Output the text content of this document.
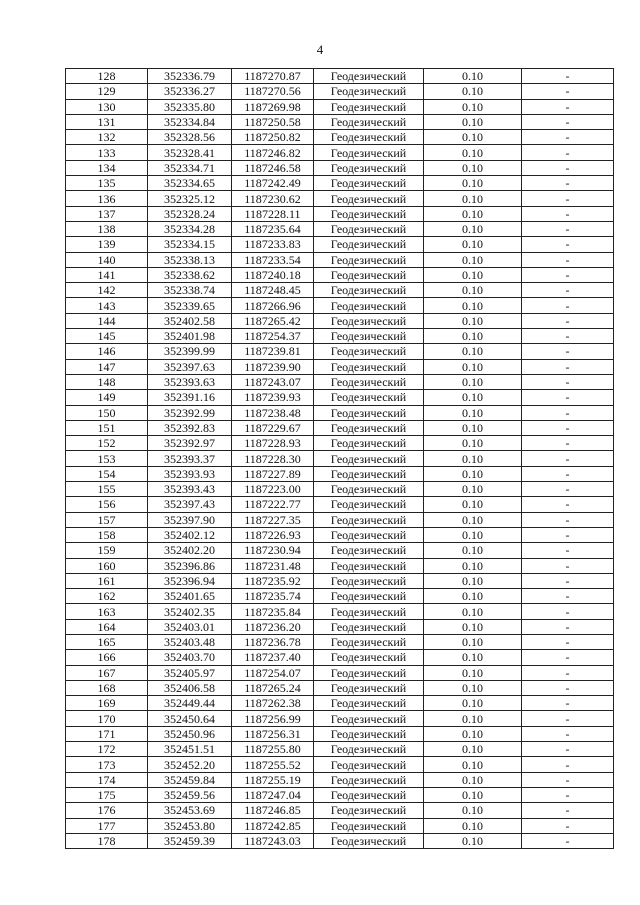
4
128	352336.79	1187270.87	Геодезический	0.10	-
129	352336.27	1187270.56	Геодезический	0.10	-
130	352335.80	1187269.98	Геодезический	0.10	-
131	352334.84	1187250.58	Геодезический	0.10	-
132	352328.56	1187250.82	Геодезический	0.10	-
133	352328.41	1187246.82	Геодезический	0.10	-
134	352334.71	1187246.58	Геодезический	0.10	-
135	352334.65	1187242.49	Геодезический	0.10	-
136	352325.12	1187230.62	Геодезический	0.10	-
137	352328.24	1187228.11	Геодезический	0.10	-
138	352334.28	1187235.64	Геодезический	0.10	-
139	352334.15	1187233.83	Геодезический	0.10	-
140	352338.13	1187233.54	Геодезический	0.10	-
141	352338.62	1187240.18	Геодезический	0.10	-
142	352338.74	1187248.45	Геодезический	0.10	-
143	352339.65	1187266.96	Геодезический	0.10	-
144	352402.58	1187265.42	Геодезический	0.10	-
145	352401.98	1187254.37	Геодезический	0.10	-
146	352399.99	1187239.81	Геодезический	0.10	-
147	352397.63	1187239.90	Геодезический	0.10	-
148	352393.63	1187243.07	Геодезический	0.10	-
149	352391.16	1187239.93	Геодезический	0.10	-
150	352392.99	1187238.48	Геодезический	0.10	-
151	352392.83	1187229.67	Геодезический	0.10	-
152	352392.97	1187228.93	Геодезический	0.10	-
153	352393.37	1187228.30	Геодезический	0.10	-
154	352393.93	1187227.89	Геодезический	0.10	-
155	352393.43	1187223.00	Геодезический	0.10	-
156	352397.43	1187222.77	Геодезический	0.10	-
157	352397.90	1187227.35	Геодезический	0.10	-
158	352402.12	1187226.93	Геодезический	0.10	-
159	352402.20	1187230.94	Геодезический	0.10	-
160	352396.86	1187231.48	Геодезический	0.10	-
161	352396.94	1187235.92	Геодезический	0.10	-
162	352401.65	1187235.74	Геодезический	0.10	-
163	352402.35	1187235.84	Геодезический	0.10	-
164	352403.01	1187236.20	Геодезический	0.10	-
165	352403.48	1187236.78	Геодезический	0.10	-
166	352403.70	1187237.40	Геодезический	0.10	-
167	352405.97	1187254.07	Геодезический	0.10	-
168	352406.58	1187265.24	Геодезический	0.10	-
169	352449.44	1187262.38	Геодезический	0.10	-
170	352450.64	1187256.99	Геодезический	0.10	-
171	352450.96	1187256.31	Геодезический	0.10	-
172	352451.51	1187255.80	Геодезический	0.10	-
173	352452.20	1187255.52	Геодезический	0.10	-
174	352459.84	1187255.19	Геодезический	0.10	-
175	352459.56	1187247.04	Геодезический	0.10	-
176	352453.69	1187246.85	Геодезический	0.10	-
177	352453.80	1187242.85	Геодезический	0.10	-
178	352459.39	1187243.03	Геодезический	0.10	-
